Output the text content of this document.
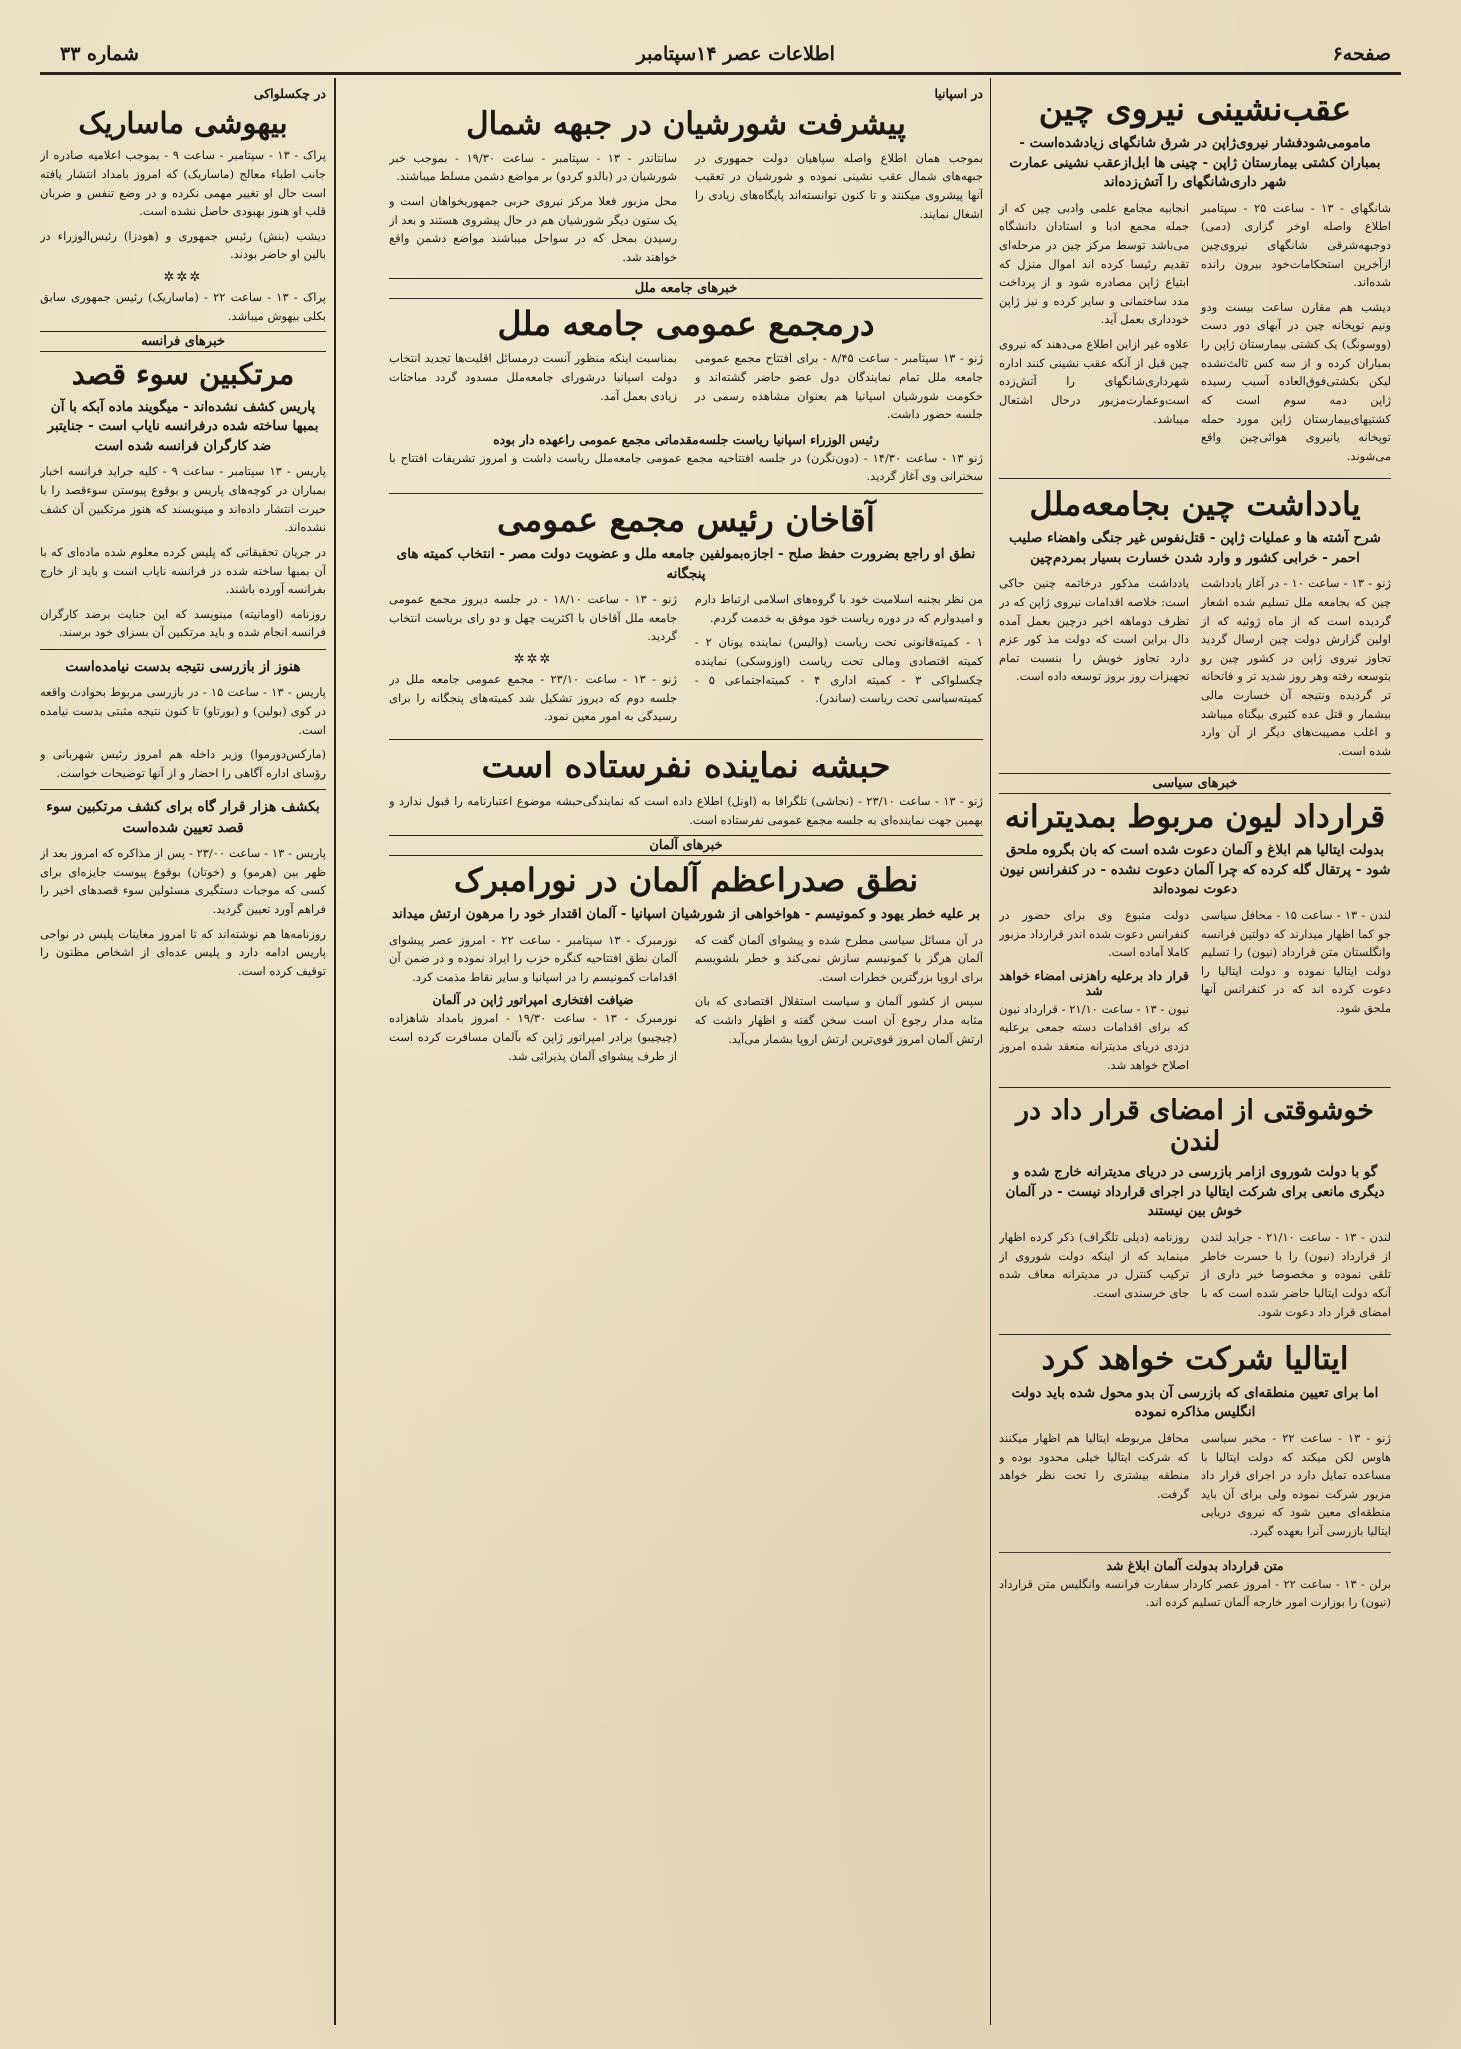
صفحه۶
اطلاعات عصر ۱۴سپتامبر
شماره ۳۳
عقب‌نشینی نیروی چین
ما‌مومی‌شود‌فشار نیروی‌ژاپن در شرق شانگهای زیاد‌شده‌است - بمباران کشتی بیمارستان ژاپن - چینی ها ابل‌از‌عقب نشینی عمارت شهر داری‌شانگهای را آتش‌زده‌اند

شانگهای - ۱۳ - ساعت ۲۵ - سپتامبر اطلاع واصله اوخر گزاری (دمی) دوجبهه‌شرقی شانگهای نیروی‌چین ازآخرین استحکامات‌خود بیرون رانده شده‌اند.

دیشب هم مقارن ساعت بیست ودو ونیم توپخانه چین در آبهای دور دست (ووسونگ) یک کشتی بیمارستان ژاپن را بمباران کرده و از سه کس ثالث‌نشده لیکن بکشتی‌فوق‌العاده آسیب رسیده ژاپن دمه سوم است که کشتیهای‌بیمارستان ژاپن مورد حمله توپخانه یا‌نیروی هوائی‌چین واقع می‌شوند.

انجابیه مجامع علمی وادبی چین که از جمله مجمع ادبا و استادان دانشگاه می‌باشد توسط مرکز چین در مرحله‌ای تقدیم رئیسا کرده اند اموال منزل که ابتیاع ژاپن مصادره شود و از پرداخت مدد ساختمانی و سایر کرده و نیز ژاپن خودداری بعمل آید.

علاوه غیر ازاین اطلاع می‌دهند که نیروی چین قبل از آنکه عقب نشینی کنند اداره شهرداری‌شانگهای را آتش‌زده است‌وعمارت‌مزبور درحال اشتعال میباشد.

یادداشت چین بجامعه‌ملل
شرح آشته ها و عملیات ژاپن - قتل‌نفوس غیر جنگی واهضاء صلیب احمر - خرابی کشور و وارد شدن خسارت بسیار بمردم‌چین

ژنو - ۱۳ - ساعت ۱۰ - در آغاز یادداشت چین که بجامعه ملل تسلیم شده اشعار گردیده است که از ماه ژوئیه که از اولین گزارش دولت چین ارسال گردید تجاوز نیروی ژاپن در کشور چین رو بتوسعه رفته وهر روز شدید تر و فاتحانه تر گردیده ونتیجه آن خسارت مالی بیشمار و قتل عده کثیری بیگناه میباشد و اغلب مصیبت‌های دیگر از آن وارد شده است.

یادداشت مذکور درخاتمه چنین حاکی است: خلاصه اقدامات نیروی ژاپن که در تظرف دوماهه اخیر درچین بعمل آمده دال براین است که دولت مذ کور عزم دارد تجاوز خویش را بنسبت تمام تجهیزات روز بروز توسعه داده است.

خبرهای سیاسی
قرارداد لیون مربوط بمدیترانه
بدولت ایتالیا هم ابلاغ و آلمان دعوت شده است که بان بگروه ملحق شود - پرتقال گله کرده که چرا آلمان دعوت نشده - در کنفرانس نیون دعوت نموده‌اند

لندن - ۱۳ - ساعت ۱۵ - محافل سیاسی جو کما اظهار میدارند که دولتین فرانسه وانگلستان متن قرارداد (نیون) را تسلیم دولت ایتالیا نموده و دولت ایتالیا را دعوت کرده اند که در کنفرانس آنها ملحق شود.

دولت متبوع وی برای حضور در کنفرانس دعوت شده اندر قرارداد مزبور کاملا آماده است.

قرار داد برعلیه راهزنی امضاء خواهد شد

نیون - ۱۳ - ساعت ۲۱/۱۰ - قرارداد نیون که برای اقدامات دسته جمعی برعلیه دزدی دریای مدیترانه منعقد شده امروز اصلاح خواهد شد.

خوشوقتی از امضای قرار داد در لندن
گو با دولت شوروی ازامر بازرسی در دریای مدیترانه خارج شده و دیگری مانعی برای شرکت ایتالیا در اجرای قرارداد نیست - در آلمان خوش بین نیستند

لندن - ۱۳ - ساعت ۲۱/۱۰ - جراید لندن از قرارداد (نیون) را با حسرت خاطر تلقی نموده و مخصوصا خیر داری از آنکه دولت ایتالیا حاضر شده است که با امضای قرار داد دعوت شود.

روزنامه (دیلی تلگراف) ذکر کرده اظهار مینماید که از اینکه دولت شوروی از ترکیب کنترل در مدیترانه معاف شده جای خرسندی است.

ایتالیا شرکت خواهد کرد
اما برای تعیین منطقه‌ای که بازرسی آن بدو محول شده باید دولت انگلیس مذاکره نموده

ژنو - ۱۳ - ساعت ۲۲ - مخبر سیاسی هاوس لکن میکند که دولت ایتالیا با مساعده تمایل دارد در اجرای قرار داد مزبور شرکت نموده ولی برای آن باید منطقه‌ای معین شود که نیروی دریایی ایتالیا بازرسی آنرا بعهده گیرد.

محافل مربوطه ایتالیا هم اظهار میکنند که شرکت ایتالیا خیلی محدود بوده و منطقه بیشتری را تحت نظر خواهد گرفت.

متن قرارداد بدولت آلمان ابلاغ شد

برلن - ۱۳ - ساعت ۲۲ - امروز عصر کاردار سفارت فرانسه وانگلیس متن قرارداد (نیون) را بوزارت امور خارجه آلمان تسلیم کرده اند.

در اسپانیا
پیشرفت شورشیان در جبهه شمال

بموجب همان اطلاع واصله سپاهیان دولت جمهوری در جبهه‌های شمال عقب نشینی نموده و شورشیان در تعقیب آنها پیشروی میکنند و تا کنون توانسته‌اند پایگاه‌های زیادی را اشغال نمایند.

سانتاندر - ۱۳ - سپتامبر - ساعت ۱۹/۳۰ - بموجب خبر شورشیان در (بالدو کردو) بر مواضع دشمن مسلط میباشند.

محل مزبور فعلا مرکز نیروی حربی جمهوریخواهان است و یک ستون دیگر شورشیان هم در حال پیشروی هستند و بعد از رسیدن بمحل که در سواحل میباشند مواضع دشمن واقع خواهند شد.

خبرهای جامعه ملل
درمجمع عمومی جامعه ملل

ژنو - ۱۳ سپتامبر - ساعت ۸/۴۵ - برای افتتاح مجمع عمومی جامعه ملل تمام نمایندگان دول عضو حاضر گشته‌اند و حکومت شورشیان اسپانیا هم بعنوان مشاهده رسمی در جلسه حضور داشت.

بمناسبت اینکه منظور آنست درمسائل اقلیت‌ها تجدید انتخاب دولت اسپانیا درشورای جامعه‌ملل مسدود گردد مباحثات زیادی بعمل آمد.

رئیس الوزراء اسپانیا ریاست جلسه‌مقدماتی مجمع عمومی راعهده دار بوده

ژنو ۱۳ - ساعت ۱۴/۳۰ - (دون‌نگرن) در جلسه افتتاحیه مجمع عمومی جامعه‌ملل ریاست داشت و امروز تشریفات افتتاح با سخنرانی وی آغاز گردید.

آقاخان رئیس مجمع عمومی
نطق او راجع بضرورت حفظ صلح - اجازه‌بمولفین جامعه ملل و عضویت دولت مصر - انتخاب کمیته های پنجگانه

من نظر بجنبه اسلامیت خود با گروه‌های اسلامی ارتباط دارم و امیدوارم که در دوره ریاست خود موفق به خدمت گردم.

۱ - کمیته‌قانونی تحت ریاست (والیس) نماینده یونان ۲ - کمیته اقتصادی ومالی تحت ریاست (اوزوسکی) نماینده چکسلواکی ۳ - کمیته اداری ۴ - کمیته‌اجتماعی ۵ - کمیته‌سیاسی تحت ریاست (ساندر).

ژنو - ۱۳ - ساعت ۱۸/۱۰ - در جلسه دیروز مجمع عمومی جامعه ملل آقاخان با اکثریت چهل و دو رای بریاست انتخاب گردید.

✲✲✲

ژنو - ۱۳ - ساعت ۲۳/۱۰ - مجمع عمومی جامعه ملل در جلسه دوم که دیروز تشکیل شد کمیته‌های پنجگانه را برای رسیدگی به امور معین نمود.

حبشه نماینده نفرستاده است

ژنو - ۱۳ - ساعت ۲۳/۱۰ - (نجاشی) تلگرافا به (اونل) اطلاع داده است که نمایندگی‌حبشه موضوع اعتبارنامه را قبول ندارد و بهمین جهت نماینده‌ای به جلسه مجمع عمومی نفرستاده است.

خبرهای آلمان
نطق صدراعظم آلمان در نورامبرک
بر علیه خطر یهود و کمونیسم - هواخواهی از شورشیان اسپانیا - آلمان اقتدار خود را مرهون ارتش میداند

در آن مسائل سیاسی مطرح شده و پیشوای آلمان گفت که آلمان هرگز با کمونیسم سازش نمی‌کند و خطر بلشویسم برای اروپا بزرگترین خطرات است.

سپس از کشور آلمان و سیاست استقلال اقتصادی که بان مثابه مدار رجوع آن است سخن گفته و اظهار داشت که ارتش آلمان امروز قوی‌ترین ارتش اروپا بشمار می‌آید.

نورمبرک - ۱۳ سپتامبر - ساعت ۲۲ - امروز عصر پیشوای آلمان نطق افتتاحیه کنگره حزب را ایراد نموده و در ضمن آن اقدامات کمونیسم را در اسپانیا و سایر نقاط مذمت کرد.

ضیافت افتخاری امپراتور ژاپن در آلمان

نورمبرک - ۱۳ - ساعت ۱۹/۳۰ - امروز بامداد شاهزاده (چیچیبو) برادر امپراتور ژاپن که بآلمان مسافرت کرده است از طرف پیشوای آلمان پذیرائی شد.

در چکسلواکی
بیهوشی ماساریک

پراک - ۱۳ - سپتامبر - ساعت ۹ - بموجب اعلامیه صادره از جانب اطباء معالج (ماساریک) که امروز بامداد انتشار یافته است حال او تغییر مهمی نکرده و در وضع تنفس و ضربان قلب او هنوز بهبودی حاصل نشده است.

دیشب (بنش) رئیس جمهوری و (هودزا) رئیس‌الوزراء در بالین او حاضر بودند.

✲✲✲

پراک - ۱۳ - ساعت ۲۲ - (ماساریک) رئیس جمهوری سابق بکلی بیهوش میباشد.

خبرهای فرانسه
مرتکبین سوء قصد
پاریس کشف نشده‌اند - میگویند ماده آبکه با آن بمبها ساخته شده درفرانسه نایاب است - جنایتبر ضد کارگران فرانسه شده است

پاریس - ۱۳ سپتامبر - ساعت ۹ - کلیه جراید فرانسه اخبار بمباران در کوچه‌های پاریس و بوقوع پیوستن سوءقصد را با حیرت انتشار داده‌اند و مینویسند که هنوز مرتکبین آن کشف نشده‌اند.

در جریان تحقیقاتی که پلیس کرده معلوم شده ماده‌ای که با آن بمبها ساخته شده در فرانسه نایاب است و باید از خارج بفرانسه آورده باشند.

روزنامه (اومانیته) مینویسد که این جنایت برضد کارگران فرانسه انجام شده و باید مرتکبین آن بسزای خود برسند.

هنوز از بازرسی نتیجه بدست نیامده‌است

پاریس - ۱۳ - ساعت ۱۵ - در بازرسی مربوط بحوادث واقعه در کوی (بولین) و (بورتاو) تا کنون نتیجه مثبتی بدست نیامده است.

(مارکس‌دورموا) وزیر داخله هم امروز رئیس شهربانی و رؤسای اداره آگاهی را احضار و از آنها توضیحات خواست.

بکشف هزار قرار گاه برای کشف مرتکبین سوء قصد تعیین شده‌است

پاریس - ۱۳ - ساعت ۲۳/۰۰ - پس از مذاکره که امروز بعد از ظهر بین (هرمو) و (خوتان) بوقوع پیوست جایزه‌ای برای کسی که موجبات دستگیری مسئولین سوء قصدهای اخیر را فراهم آورد تعیین گردید.

روزنامه‌ها هم نوشته‌اند که تا امروز معاینات پلیس در نواحی پاریس ادامه دارد و پلیس عده‌ای از اشخاص مظنون را توقیف کرده است.
